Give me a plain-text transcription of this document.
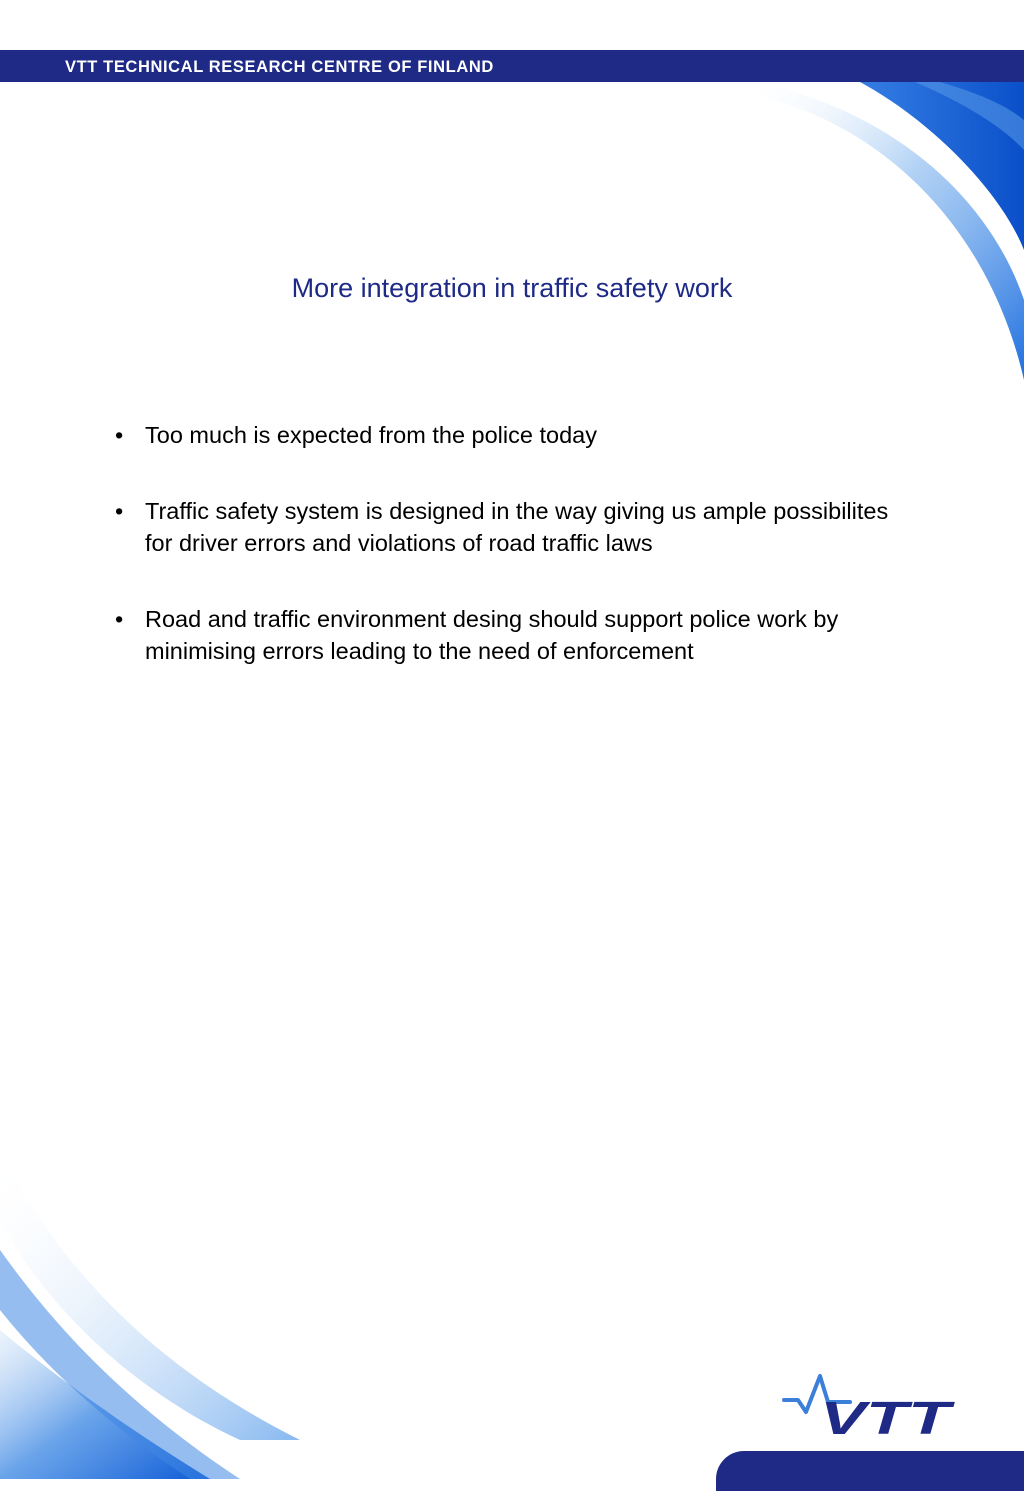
VTT TECHNICAL RESEARCH CENTRE OF FINLAND
More integration in traffic safety work
• Too much is expected from the police today
• Traffic safety system is designed in the way giving us ample possibilites for driver errors and violations of road traffic laws
• Road and traffic environment desing should support police work by minimising errors leading to the need of enforcement
VTT
